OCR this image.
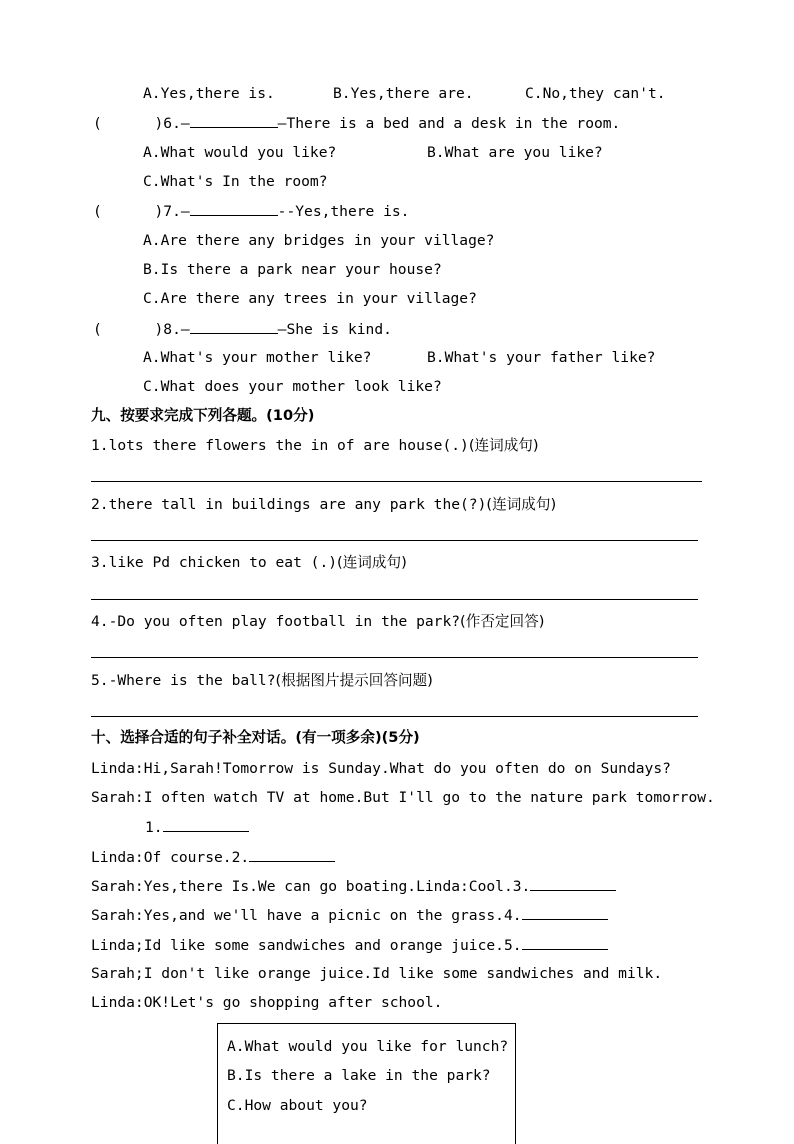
A.Yes,there is.	B.Yes,there are.	C.No,they can't.
(      )6.—	—There is a bed and a desk in the room.
A.What would you like?	B.What are you like?
C.What's In the room?
(      )7.—	--Yes,there is.
A.Are there any bridges in your village?
B.Is there a park near your house?
C.Are there any trees in your village?
(      )8.—	—She is kind.
A.What's your mother like?	B.What's your father like?
C.What does your mother look like?
九、按要求完成下列各题。(10分)
1.lots there flowers the in of are house(.)(连词成句)
2.there tall in buildings are any park the(?)(连词成句)
3.like Pd chicken to eat (.)(连词成句)
4.-Do you often play football in the park?(作否定回答)
5.-Where is the ball?(根据图片提示回答问题)
十、选择合适的句子补全对话。(有一项多余)(5分)
Linda:Hi,Sarah!Tomorrow is Sunday.What do you often do on Sundays?
Sarah:I often watch TV at home.But I'll go to the nature park tomorrow.
1.
Linda:Of course.2.
Sarah:Yes,there Is.We can go boating.Linda:Cool.3.
Sarah:Yes,and we'll have a picnic on the grass.4.
Linda;Id like some sandwiches and orange juice.5.
Sarah;I don't like orange juice.Id like some sandwiches and milk.
Linda:OK!Let's go shopping after school.
A.What would you like for lunch?
B.Is there a lake in the park?
C.How about you?
